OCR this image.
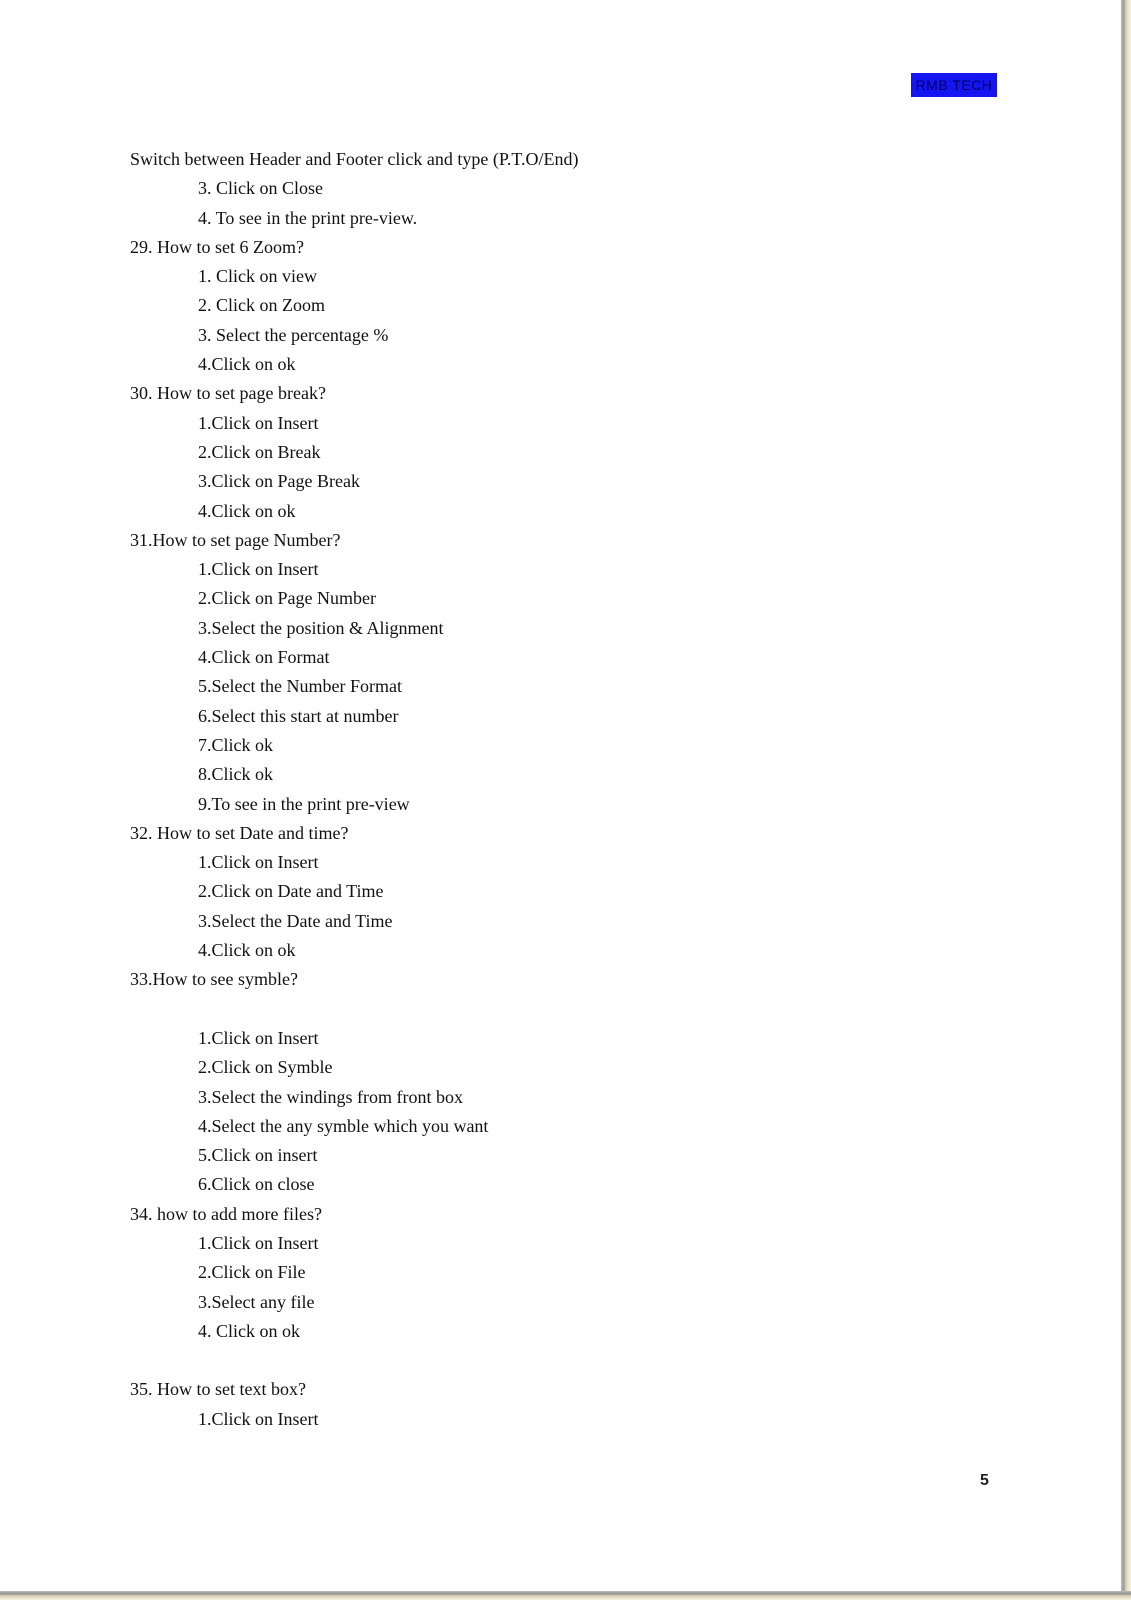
RMB TECH
Switch between Header and Footer click and type (P.T.O/End)
3. Click on Close
4. To see in the print pre-view.
29. How to set 6 Zoom?
1. Click on view
2. Click on Zoom
3. Select the percentage %
4.Click on ok
30. How to set page break?
1.Click on Insert
2.Click on Break
3.Click on Page Break
4.Click on ok
31.How to set page Number?
1.Click on Insert
2.Click on Page Number
3.Select the position & Alignment
4.Click on Format
5.Select the Number Format
6.Select this start at number
7.Click ok
8.Click ok
9.To see in the print pre-view
32. How to set Date and time?
1.Click on Insert
2.Click on Date and Time
3.Select the Date and Time
4.Click on ok
33.How to see symble?
1.Click on Insert
2.Click on Symble
3.Select the windings from front box
4.Select the any symble which you want
5.Click on insert
6.Click on close
34. how to add more files?
1.Click on Insert
2.Click on File
3.Select any file
4. Click on ok
35. How to set text box?
1.Click on Insert
5
